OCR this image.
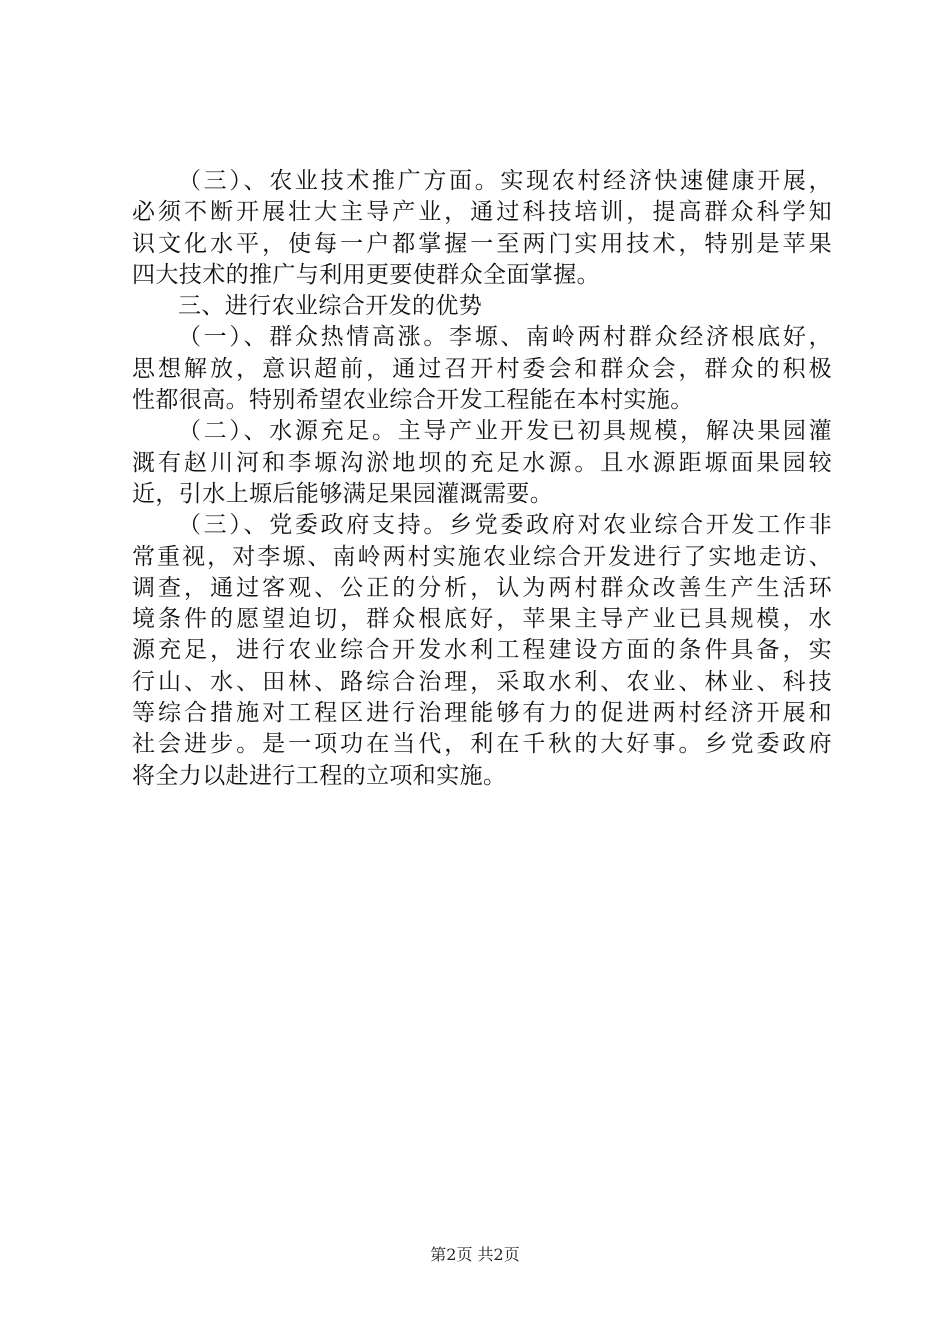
（三）、农业技术推广方面。实现农村经济快速健康开展，
必须不断开展壮大主导产业，通过科技培训，提高群众科学知
识文化水平，使每一户都掌握一至两门实用技术，特别是苹果
四大技术的推广与利用更要使群众全面掌握。
三、进行农业综合开发的优势
（一）、群众热情高涨。李塬、南岭两村群众经济根底好，
思想解放，意识超前，通过召开村委会和群众会，群众的积极
性都很高。特别希望农业综合开发工程能在本村实施。
（二）、水源充足。主导产业开发已初具规模，解决果园灌
溉有赵川河和李塬沟淤地坝的充足水源。且水源距塬面果园较
近，引水上塬后能够满足果园灌溉需要。
（三）、党委政府支持。乡党委政府对农业综合开发工作非
常重视，对李塬、南岭两村实施农业综合开发进行了实地走访、
调查，通过客观、公正的分析，认为两村群众改善生产生活环
境条件的愿望迫切，群众根底好，苹果主导产业已具规模，水
源充足，进行农业综合开发水利工程建设方面的条件具备，实
行山、水、田林、路综合治理，采取水利、农业、林业、科技
等综合措施对工程区进行治理能够有力的促进两村经济开展和
社会进步。是一项功在当代，利在千秋的大好事。乡党委政府
将全力以赴进行工程的立项和实施。
第2页 共2页
